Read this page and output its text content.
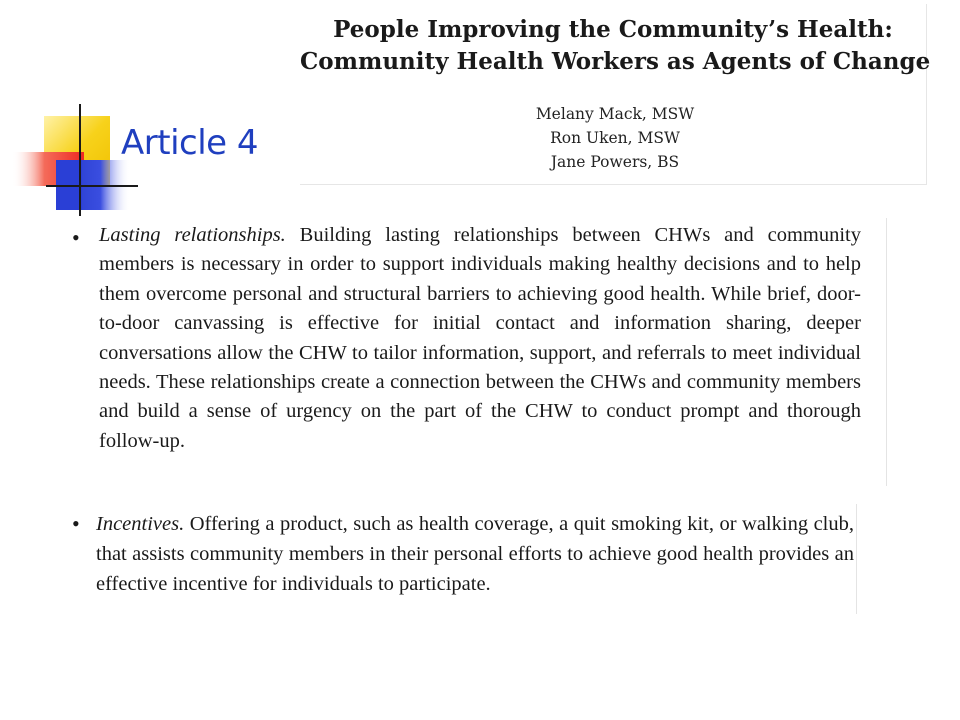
Article 4
People Improving the Community’s Health:
Community Health Workers as Agents of Change
Melany Mack, MSW
Ron Uken, MSW
Jane Powers, BS
• Lasting relationships. Building lasting relationships between CHWs and community members is necessary in order to support individuals making healthy decisions and to help them overcome personal and structural barriers to achieving good health. While brief, door-to-door canvassing is effective for initial contact and information sharing, deeper conversations allow the CHW to tailor information, support, and referrals to meet individual needs. These relationships create a connection between the CHWs and community members and build a sense of urgency on the part of the CHW to conduct prompt and thorough follow-up.

• Incentives. Offering a product, such as health coverage, a quit smoking kit, or walking club, that assists community members in their personal efforts to achieve good health provides an effective incentive for individuals to participate.
